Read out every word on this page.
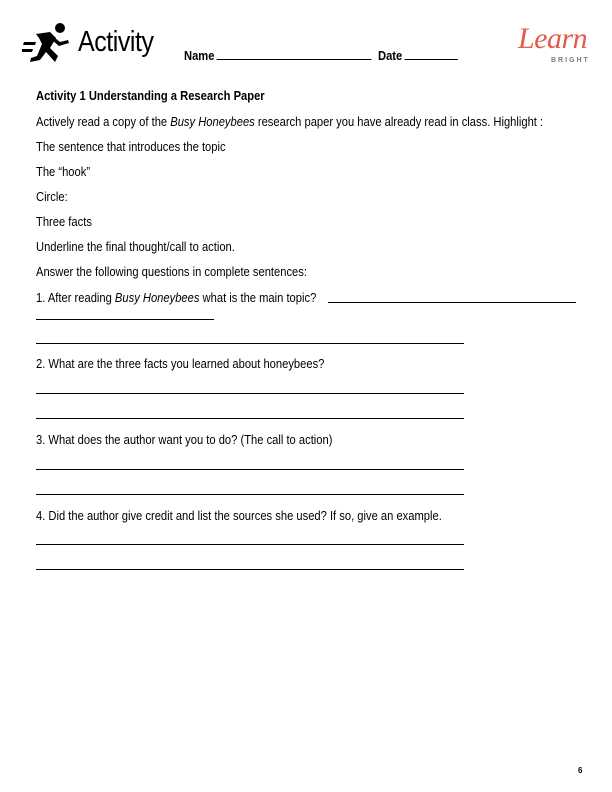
Activity Name	Date
Learn
BRIGHT
Activity 1 Understanding a Research Paper
Actively read a copy of the Busy Honeybees research paper you have already read in class. Highlight :
The sentence that introduces the topic
The “hook”
Circle:
Three facts
Underline the final thought/call to action.
Answer the following questions in complete sentences:
1. After reading Busy Honeybees what is the main topic?
2. What are the three facts you learned about honeybees?
3. What does the author want you to do? (The call to action)
4. Did the author give credit and list the sources she used? If so, give an example.
6
